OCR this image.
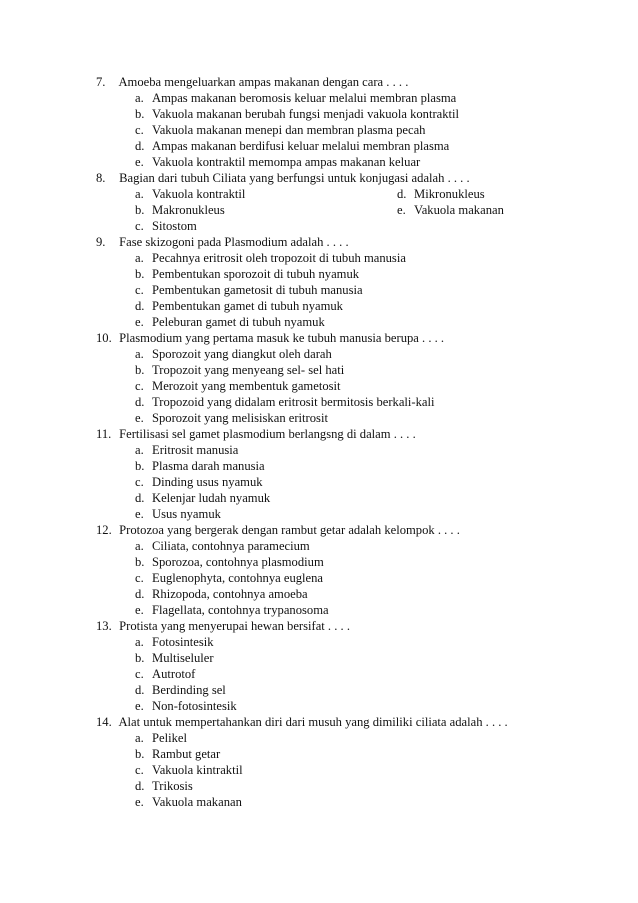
7. Amoeba mengeluarkan ampas makanan dengan cara . . . .
a. Ampas makanan beromosis keluar melalui membran plasma
b. Vakuola makanan berubah fungsi menjadi vakuola kontraktil
c. Vakuola makanan menepi dan membran plasma pecah
d. Ampas makanan berdifusi keluar melalui membran plasma
e. Vakuola kontraktil memompa ampas makanan keluar
8. Bagian dari tubuh Ciliata yang berfungsi untuk konjugasi adalah . . . .
a. Vakuola kontraktil	d. Mikronukleus
b. Makronukleus	e. Vakuola makanan
c. Sitostom
9. Fase skizogoni pada Plasmodium adalah . . . .
a. Pecahnya eritrosit oleh tropozoit di tubuh manusia
b. Pembentukan sporozoit di tubuh nyamuk
c. Pembentukan gametosit di tubuh manusia
d. Pembentukan gamet di tubuh nyamuk
e. Peleburan gamet di tubuh nyamuk
10. Plasmodium yang pertama masuk ke tubuh manusia berupa . . . .
a. Sporozoit yang diangkut oleh darah
b. Tropozoit yang menyeang sel- sel hati
c. Merozoit yang membentuk gametosit
d. Tropozoid yang didalam eritrosit bermitosis berkali-kali
e. Sporozoit yang melisiskan eritrosit
11. Fertilisasi sel gamet plasmodium berlangsng di dalam . . . .
a. Eritrosit manusia
b. Plasma darah manusia
c. Dinding usus nyamuk
d. Kelenjar ludah nyamuk
e. Usus nyamuk
12. Protozoa yang bergerak dengan rambut getar adalah kelompok . . . .
a. Ciliata, contohnya paramecium
b. Sporozoa, contohnya plasmodium
c. Euglenophyta, contohnya euglena
d. Rhizopoda, contohnya amoeba
e. Flagellata, contohnya trypanosoma
13. Protista yang menyerupai hewan bersifat . . . .
a. Fotosintesik
b. Multiseluler
c. Autrotof
d. Berdinding sel
e. Non-fotosintesik
14. Alat untuk mempertahankan diri dari musuh yang dimiliki ciliata adalah . . . .
a. Pelikel
b. Rambut getar
c. Vakuola kintraktil
d. Trikosis
e. Vakuola makanan
